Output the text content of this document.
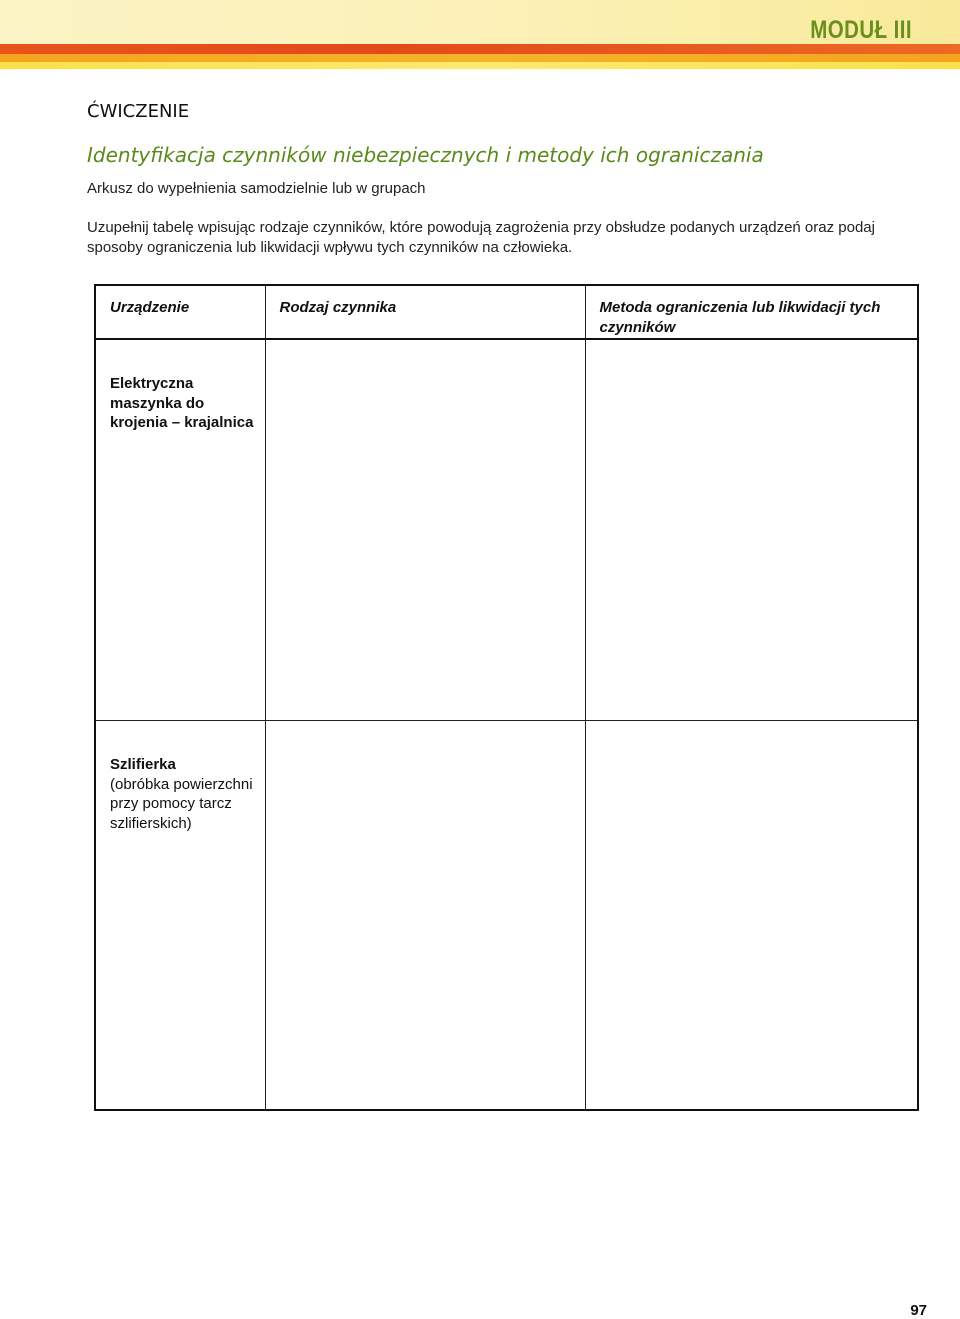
MODUŁ III
ĆWICZENIE
Identyfikacja czynników niebezpiecznych i metody ich ograniczania
Arkusz do wypełnienia samodzielnie lub w grupach
Uzupełnij tabelę wpisując rodzaje czynników, które powodują zagrożenia przy obsłudze podanych urządzeń oraz podaj sposoby ograniczenia lub likwidacji wpływu tych czynników na człowieka.
Urządzenie	Rodzaj czynnika	Metoda ograniczenia lub likwidacji tych czynników

Elektryczna maszynka do krojenia – krajalnica		

Szlifierka
(obróbka powierzchni przy pomocy tarcz szlifierskich)		

97
